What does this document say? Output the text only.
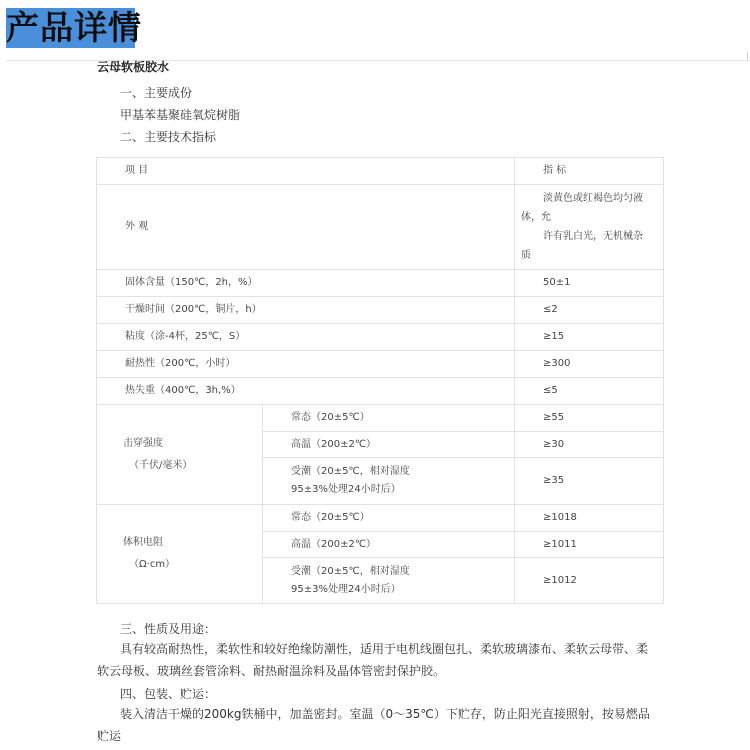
产品详情
云母软板胶水
一、主要成份
甲基苯基聚硅氧烷树脂
二、主要技术指标
项 目		指 标
外 观		淡黄色或红褐色均匀液
体，允
许有乳白光，无机械杂
质

固体含量（150℃，2h，%）		50±1
干燥时间（200℃，铜片，h）		≤2
粘度（涂-4杯，25℃，S）		≥15
耐热性（200℃，小时）		≥300
热失重（400℃，3h,%）		≤5

击穿强度
（千伏/毫米）	常态（20±5℃）	≥55
	高温（200±2℃）	≥30

	受潮（20±5℃，相对湿度
95±3%处理24小时后）	≥35

体积电阻
（Ω·cm）	常态（20±5℃）	≥1018
	高温（200±2℃）	≥1011

	受潮（20±5℃，相对湿度
95±3%处理24小时后）	≥1012
三、性质及用途：
具有较高耐热性，柔软性和较好绝缘防潮性，适用于电机线圈包扎、柔软玻璃漆布、柔软云母带、柔软云母板、玻璃丝套管涂料、耐热耐温涂料及晶体管密封保护胶。
四、包装、贮运：
装入清洁干燥的200kg铁桶中，加盖密封。室温（0～35℃）下贮存，防止阳光直接照射，按易燃品贮运
